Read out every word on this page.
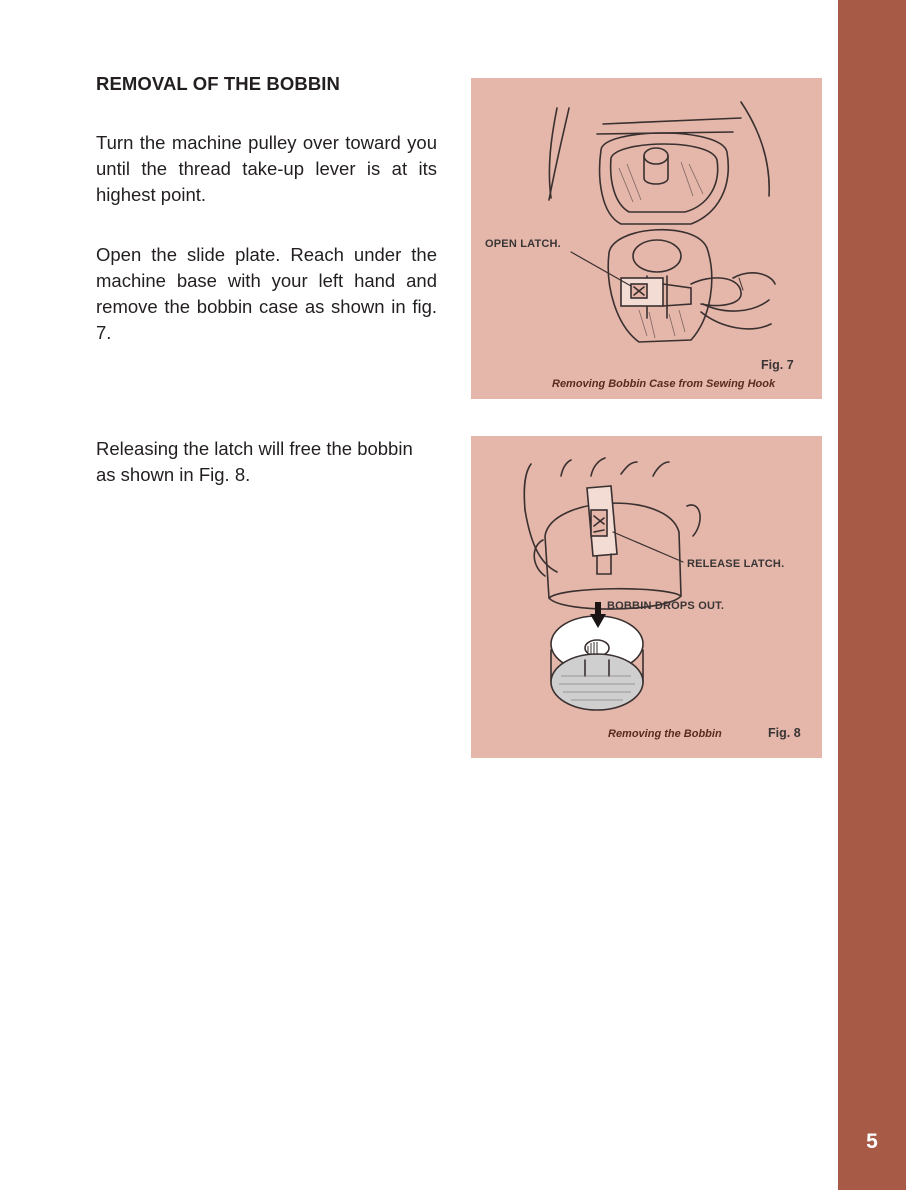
5
REMOVAL OF THE BOBBIN
Turn the machine pulley over toward you until the thread take-up lever is at its highest point.
Open the slide plate. Reach under the machine base with your left hand and remove the bobbin case as shown in fig. 7.
Releasing the latch will free the bobbin as shown in Fig. 8.
OPEN LATCH.
Fig. 7
Removing Bobbin Case from Sewing Hook
RELEASE LATCH.
BOBBIN DROPS OUT.
Removing the Bobbin	Fig. 8
